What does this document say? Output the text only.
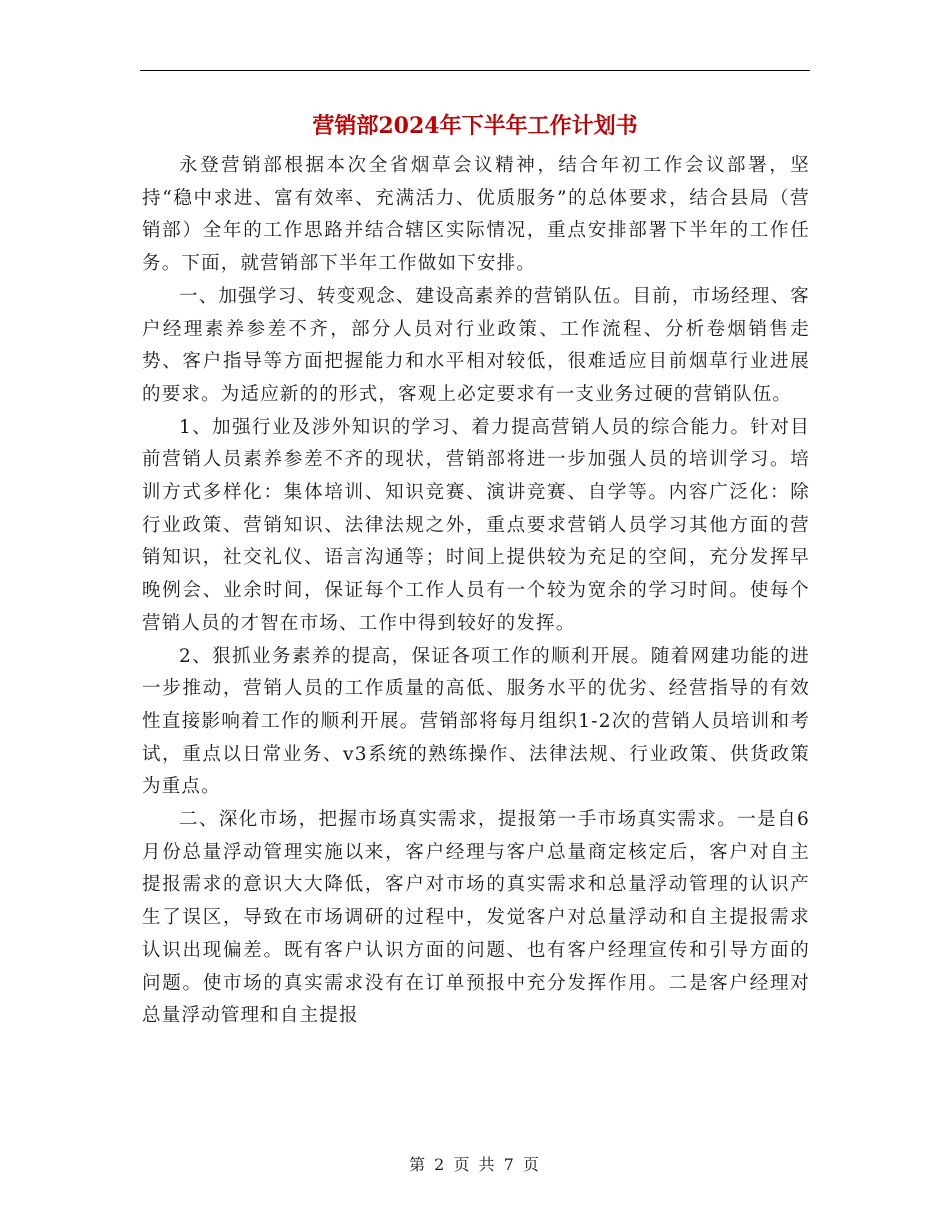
营销部2024年下半年工作计划书

永登营销部根据本次全省烟草会议精神，结合年初工作会议部署，坚持“稳中求进、富有效率、充满活力、优质服务”的总体要求，结合县局（营销部）全年的工作思路并结合辖区实际情况，重点安排部署下半年的工作任务。下面，就营销部下半年工作做如下安排。

一、加强学习、转变观念、建设高素养的营销队伍。目前，市场经理、客户经理素养参差不齐，部分人员对行业政策、工作流程、分析卷烟销售走势、客户指导等方面把握能力和水平相对较低，很难适应目前烟草行业进展的要求。为适应新的的形式，客观上必定要求有一支业务过硬的营销队伍。

1、加强行业及涉外知识的学习、着力提高营销人员的综合能力。针对目前营销人员素养参差不齐的现状，营销部将进一步加强人员的培训学习。培训方式多样化：集体培训、知识竞赛、演讲竞赛、自学等。内容广泛化：除行业政策、营销知识、法律法规之外，重点要求营销人员学习其他方面的营销知识，社交礼仪、语言沟通等；时间上提供较为充足的空间，充分发挥早晚例会、业余时间，保证每个工作人员有一个较为宽余的学习时间。使每个营销人员的才智在市场、工作中得到较好的发挥。

2、狠抓业务素养的提高，保证各项工作的顺利开展。随着网建功能的进一步推动，营销人员的工作质量的高低、服务水平的优劣、经营指导的有效性直接影响着工作的顺利开展。营销部将每月组织1-2次的营销人员培训和考试，重点以日常业务、v3系统的熟练操作、法律法规、行业政策、供货政策为重点。

二、深化市场，把握市场真实需求，提报第一手市场真实需求。一是自6月份总量浮动管理实施以来，客户经理与客户总量商定核定后，客户对自主提报需求的意识大大降低，客户对市场的真实需求和总量浮动管理的认识产生了误区，导致在市场调研的过程中，发觉客户对总量浮动和自主提报需求认识出现偏差。既有客户认识方面的问题、也有客户经理宣传和引导方面的问题。使市场的真实需求没有在订单预报中充分发挥作用。二是客户经理对总量浮动管理和自主提报

第 2 页 共 7 页
